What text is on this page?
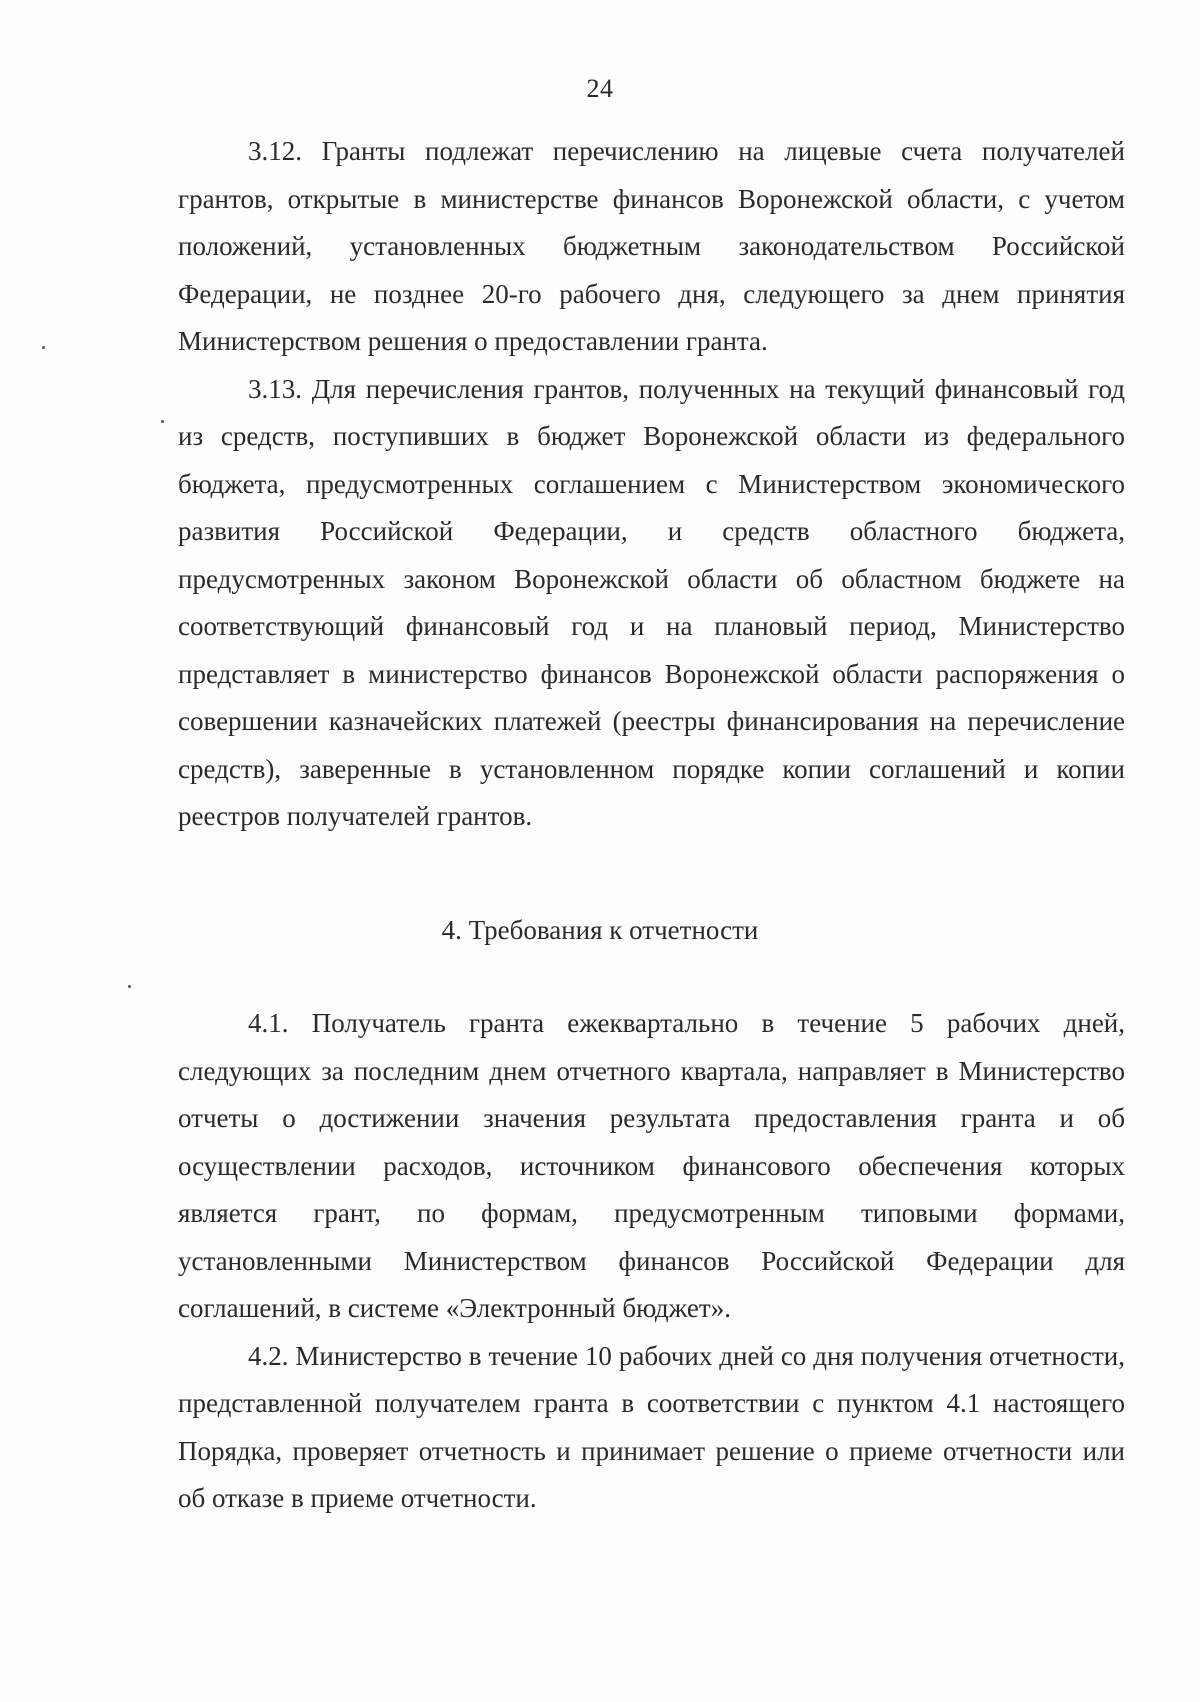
24

3.12. Гранты подлежат перечислению на лицевые счета получателей грантов, открытые в министерстве финансов Воронежской области, с учетом положений, установленных бюджетным законодательством Российской Федерации, не позднее 20-го рабочего дня, следующего за днем принятия Министерством решения о предоставлении гранта.

3.13. Для перечисления грантов, полученных на текущий финансовый год из средств, поступивших в бюджет Воронежской области из федерального бюджета, предусмотренных соглашением с Министерством экономического развития Российской Федерации, и средств областного бюджета, предусмотренных законом Воронежской области об областном бюджете на соответствующий финансовый год и на плановый период, Министерство представляет в министерство финансов Воронежской области распоряжения о совершении казначейских платежей (реестры финансирования на перечисление средств), заверенные в установленном порядке копии соглашений и копии реестров получателей грантов.

4. Требования к отчетности

4.1. Получатель гранта ежеквартально в течение 5 рабочих дней, следующих за последним днем отчетного квартала, направляет в Министерство отчеты о достижении значения результата предоставления гранта и об осуществлении расходов, источником финансового обеспечения которых является грант, по формам, предусмотренным типовыми формами, установленными Министерством финансов Российской Федерации для соглашений, в системе «Электронный бюджет».

4.2. Министерство в течение 10 рабочих дней со дня получения отчетности, представленной получателем гранта в соответствии с пунктом 4.1 настоящего Порядка, проверяет отчетность и принимает решение о приеме отчетности или об отказе в приеме отчетности.
